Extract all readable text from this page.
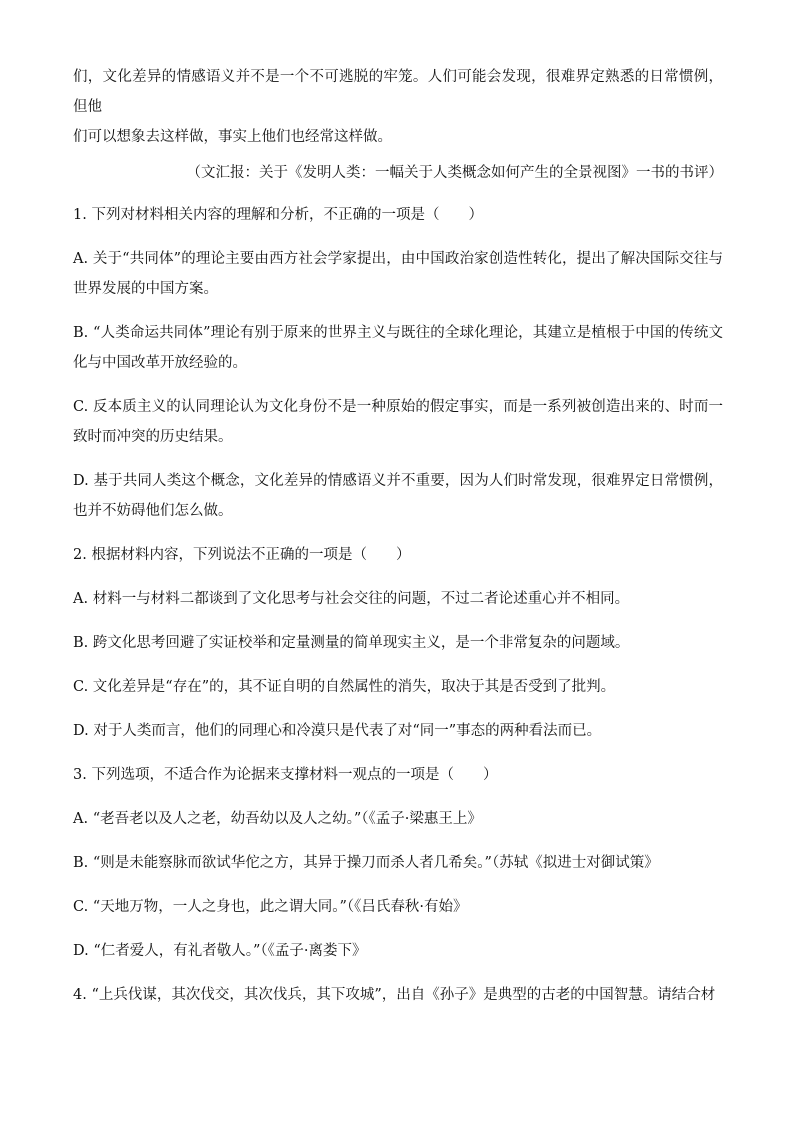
们，文化差异的情感语义并不是一个不可逃脱的牢笼。人们可能会发现，很难界定熟悉的日常惯例，但他
们可以想象去这样做，事实上他们也经常这样做。

（文汇报：关于《发明人类：一幅关于人类概念如何产生的全景视图》一书的书评）

1. 下列对材料相关内容的理解和分析，不正确的一项是（　　）

A. 关于“共同体”的理论主要由西方社会学家提出，由中国政治家创造性转化，提出了解决国际交往与世界发展的中国方案。

B. “人类命运共同体”理论有别于原来的世界主义与既往的全球化理论，其建立是植根于中国的传统文化与中国改革开放经验的。

C. 反本质主义的认同理论认为文化身份不是一种原始的假定事实，而是一系列被创造出来的、时而一致时而冲突的历史结果。

D. 基于共同人类这个概念，文化差异的情感语义并不重要，因为人们时常发现，很难界定日常惯例，也并不妨碍他们怎么做。

2. 根据材料内容，下列说法不正确的一项是（　　）

A. 材料一与材料二都谈到了文化思考与社会交往的问题，不过二者论述重心并不相同。

B. 跨文化思考回避了实证校举和定量测量的简单现实主义，是一个非常复杂的问题域。

C. 文化差异是“存在”的，其不证自明的自然属性的消失，取决于其是否受到了批判。

D. 对于人类而言，他们的同理心和冷漠只是代表了对“同一”事态的两种看法而已。

3. 下列选项，不适合作为论据来支撑材料一观点的一项是（　　）

A. “老吾老以及人之老，幼吾幼以及人之幼。”（《孟子·梁惠王上》

B. “则是未能察脉而欲试华佗之方，其异于操刀而杀人者几希矣。”（苏轼《拟进士对御试策》

C. “天地万物，一人之身也，此之谓大同。”（《吕氏春秋·有始》

D. “仁者爱人，有礼者敬人。”（《孟子·离娄下》

4. “上兵伐谋，其次伐交，其次伐兵，其下攻城”，出自《孙子》是典型的古老的中国智慧。请结合材
